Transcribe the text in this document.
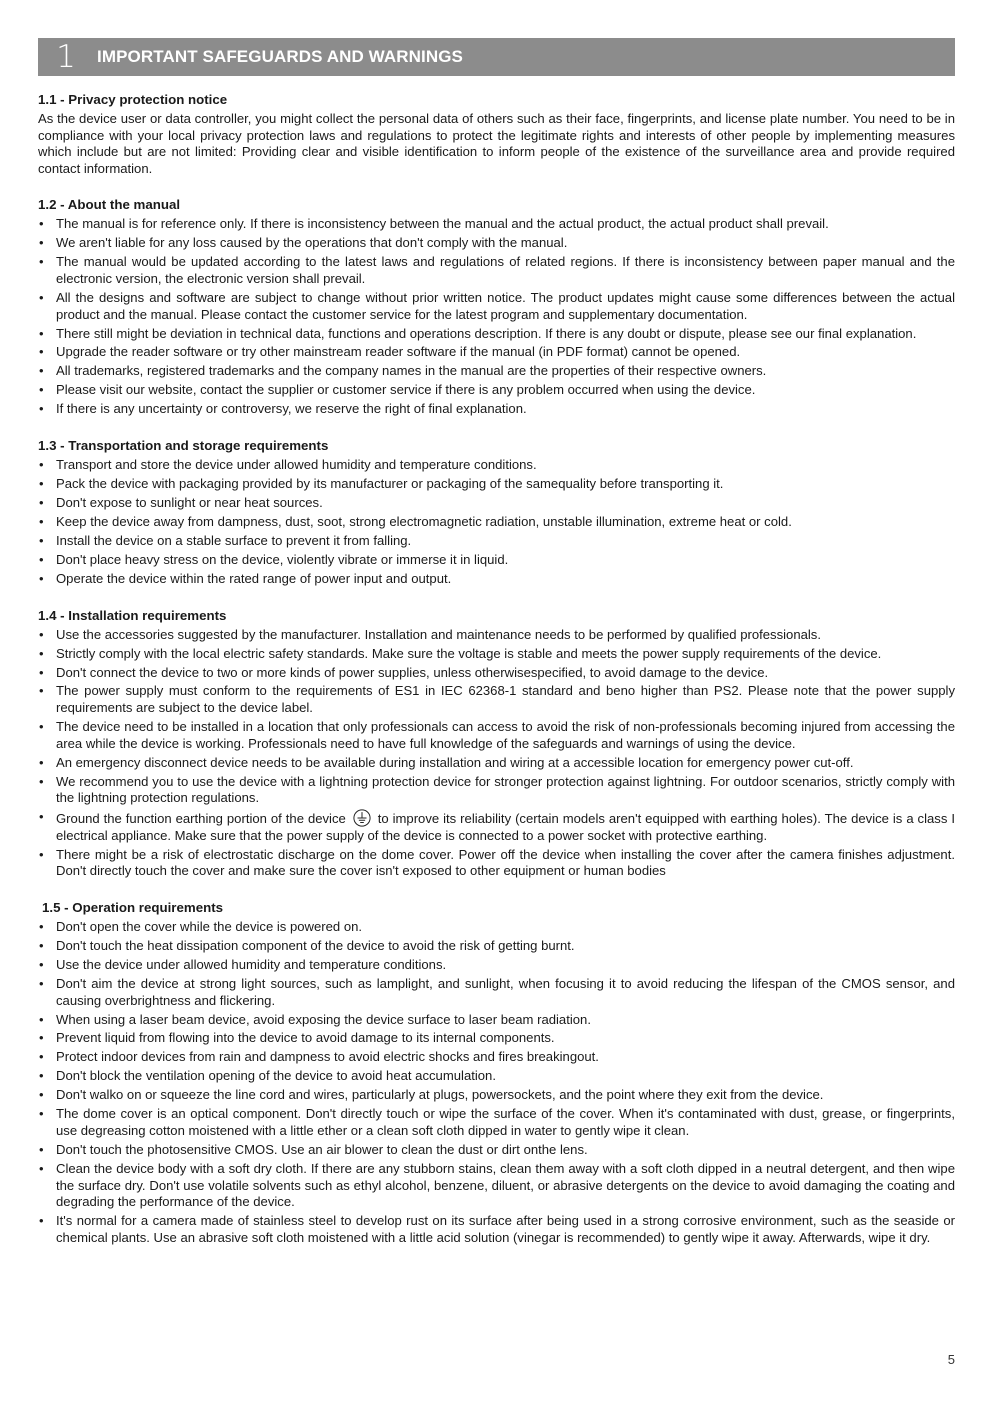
1	IMPORTANT SAFEGUARDS AND WARNINGS
1.1 - Privacy protection notice

As the device user or data controller, you might collect the personal data of others such as their face, fingerprints, and license plate number. You need to be in compliance with your local privacy protection laws and regulations to protect the legitimate rights and interests of other people by implementing measures which include but are not limited: Providing clear and visible identification to inform people of the existence of the surveillance area and provide required contact information.

1.2 - About the manual
• The manual is for reference only. If there is inconsistency between the manual and the actual product, the actual product shall prevail.
• We aren't liable for any loss caused by the operations that don't comply with the manual.
• The manual would be updated according to the latest laws and regulations of related regions. If there is inconsistency between paper manual and the electronic version, the electronic version shall prevail.
• All the designs and software are subject to change without prior written notice. The product updates might cause some differences between the actual product and the manual. Please contact the customer service for the latest program and supplementary documentation.
• There still might be deviation in technical data, functions and operations description. If there is any doubt or dispute, please see our final explanation.
• Upgrade the reader software or try other mainstream reader software if the manual (in PDF format) cannot be opened.
• All trademarks, registered trademarks and the company names in the manual are the properties of their respective owners.
• Please visit our website, contact the supplier or customer service if there is any problem occurred when using the device.
• If there is any uncertainty or controversy, we reserve the right of final explanation.
1.3 - Transportation and storage requirements
• Transport and store the device under allowed humidity and temperature conditions.
• Pack the device with packaging provided by its manufacturer or packaging of the samequality before transporting it.
• Don't expose to sunlight or near heat sources.
• Keep the device away from dampness, dust, soot, strong electromagnetic radiation, unstable illumination, extreme heat or cold.
• Install the device on a stable surface to prevent it from falling.
• Don't place heavy stress on the device, violently vibrate or immerse it in liquid.
• Operate the device within the rated range of power input and output.
1.4 - Installation requirements
• Use the accessories suggested by the manufacturer. Installation and maintenance needs to be performed by qualified professionals.
• Strictly comply with the local electric safety standards. Make sure the voltage is stable and meets the power supply requirements of the device.
• Don't connect the device to two or more kinds of power supplies, unless otherwisespecified, to avoid damage to the device.
• The power supply must conform to the requirements of ES1 in IEC 62368-1 standard and beno higher than PS2. Please note that the power supply requirements are subject to the device label.
• The device need to be installed in a location that only professionals can access to avoid the risk of non-professionals becoming injured from accessing the area while the device is working. Professionals need to have full knowledge of the safeguards and warnings of using the device.
• An emergency disconnect device needs to be available during installation and wiring at a accessible location for emergency power cut-off.
• We recommend you to use the device with a lightning protection device for stronger protection against lightning. For outdoor scenarios, strictly comply with the lightning protection regulations.
• Ground the function earthing portion of the device  to improve its reliability (certain models aren't equipped with earthing holes). The device is a class I electrical appliance. Make sure that the power supply of the device is connected to a power socket with protective earthing.
• There might be a risk of electrostatic discharge on the dome cover. Power off the device when installing the cover after the camera finishes adjustment. Don't directly touch the cover and make sure the cover isn't exposed to other equipment or human bodies
1.5 - Operation requirements
• Don't open the cover while the device is powered on.
• Don't touch the heat dissipation component of the device to avoid the risk of getting burnt.
• Use the device under allowed humidity and temperature conditions.
• Don't aim the device at strong light sources, such as lamplight, and sunlight, when focusing it to avoid reducing the lifespan of the CMOS sensor, and causing overbrightness and flickering.
• When using a laser beam device, avoid exposing the device surface to laser beam radiation.
• Prevent liquid from flowing into the device to avoid damage to its internal components.
• Protect indoor devices from rain and dampness to avoid electric shocks and fires breakingout.
• Don't block the ventilation opening of the device to avoid heat accumulation.
• Don't walko on or squeeze the line cord and wires, particularly at plugs, powersockets, and the point where they exit from the device.
• The dome cover is an optical component. Don't directly touch or wipe the surface of the cover. When it's contaminated with dust, grease, or fingerprints, use degreasing cotton moistened with a little ether or a clean soft cloth dipped in water to gently wipe it clean.
• Don't touch the photosensitive CMOS. Use an air blower to clean the dust or dirt onthe lens.
• Clean the device body with a soft dry cloth. If there are any stubborn stains, clean them away with a soft cloth dipped in a neutral detergent, and then wipe the surface dry. Don't use volatile solvents such as ethyl alcohol, benzene, diluent, or abrasive detergents on the device to avoid damaging the coating and degrading the performance of the device.
• It's normal for a camera made of stainless steel to develop rust on its surface after being used in a strong corrosive environment, such as the seaside or chemical plants. Use an abrasive soft cloth moistened with a little acid solution (vinegar is recommended) to gently wipe it away. Afterwards, wipe it dry.
5
